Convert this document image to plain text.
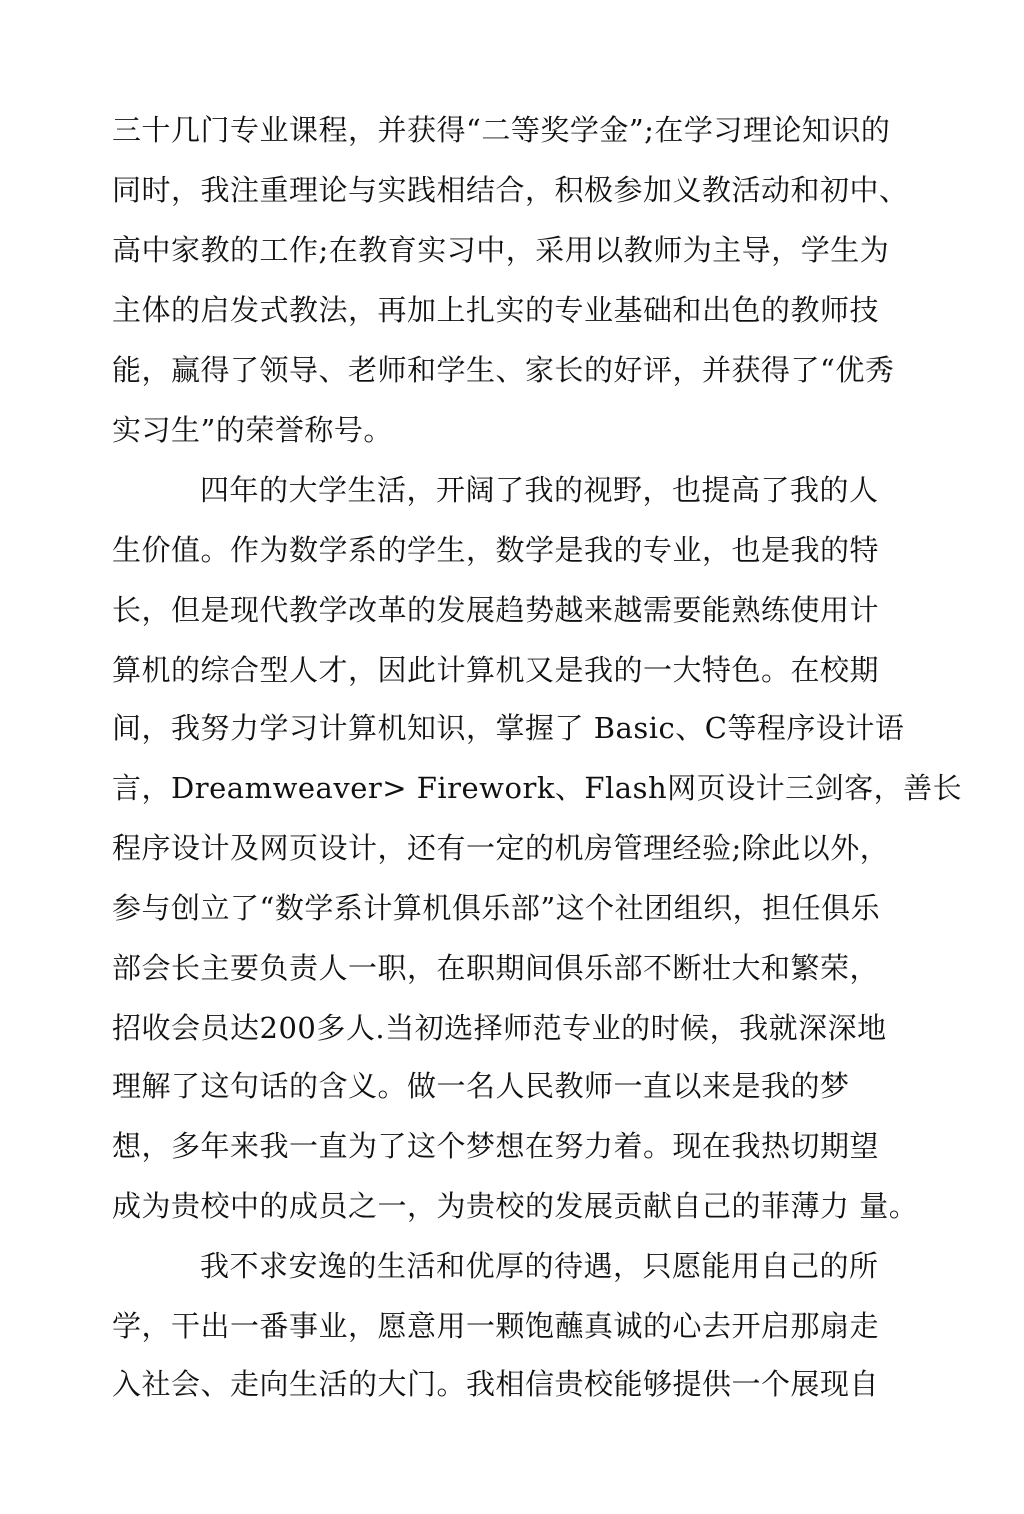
三十几门专业课程，并获得“二等奖学金”;在学习理论知识的

同时，我注重理论与实践相结合，积极参加义教活动和初中、

高中家教的工作;在教育实习中，采用以教师为主导，学生为

主体的启发式教法，再加上扎实的专业基础和出色的教师技

能，赢得了领导、老师和学生、家长的好评，并获得了“优秀

实习生”的荣誉称号。

四年的大学生活，开阔了我的视野，也提高了我的人

生价值。作为数学系的学生，数学是我的专业，也是我的特

长，但是现代教学改革的发展趋势越来越需要能熟练使用计

算机的综合型人才，因此计算机又是我的一大特色。在校期

间，我努力学习计算机知识，掌握了 Basic、C等程序设计语

言，Dreamweaver> Firework、Flash网页设计三剑客，善长

程序设计及网页设计，还有一定的机房管理经验;除此以外，

参与创立了“数学系计算机俱乐部”这个社团组织，担任俱乐

部会长主要负责人一职，在职期间俱乐部不断壮大和繁荣，

招收会员达200多人.当初选择师范专业的时候，我就深深地

理解了这句话的含义。做一名人民教师一直以来是我的梦

想，多年来我一直为了这个梦想在努力着。现在我热切期望

成为贵校中的成员之一，为贵校的发展贡献自己的菲薄力 量。

我不求安逸的生活和优厚的待遇，只愿能用自己的所

学，干出一番事业，愿意用一颗饱蘸真诚的心去开启那扇走

入社会、走向生活的大门。我相信贵校能够提供一个展现自
